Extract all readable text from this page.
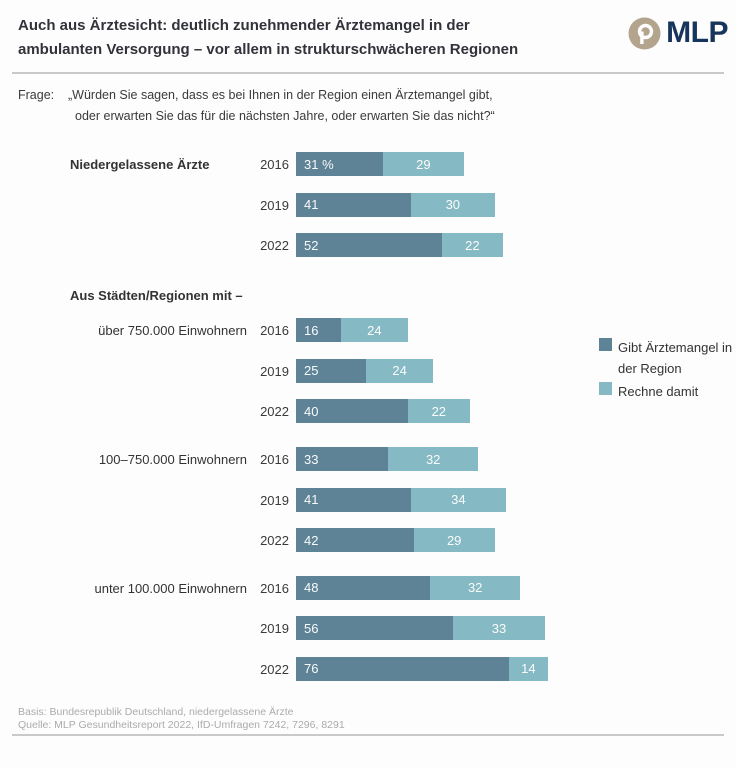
Auch aus Ärztesicht: deutlich zunehmender Ärztemangel in der
ambulanten Versorgung – vor allem in strukturschwächeren Regionen
MLP
Frage: „Würden Sie sagen, dass es bei Ihnen in der Region einen Ärztemangel gibt,
oder erwarten Sie das für die nächsten Jahre, oder erwarten Sie das nicht?“
Niedergelassene Ärzte	2016	31 %	29
2019	41	30
2022	52	22
über 750.000 Einwohnern	2016	16	24
2019	25	24
2022	40	22
100–750.000 Einwohnern	2016	33	32
2019	41	34
2022	42	29
unter 100.000 Einwohnern	2016	48	32
2019	56	33
2022	76	14
Aus Städten/Regionen mit –
Gibt Ärztemangel in der Region
Rechne damit
Basis: Bundesrepublik Deutschland, niedergelassene Ärzte
Quelle: MLP Gesundheitsreport 2022, IfD-Umfragen 7242, 7296, 8291
